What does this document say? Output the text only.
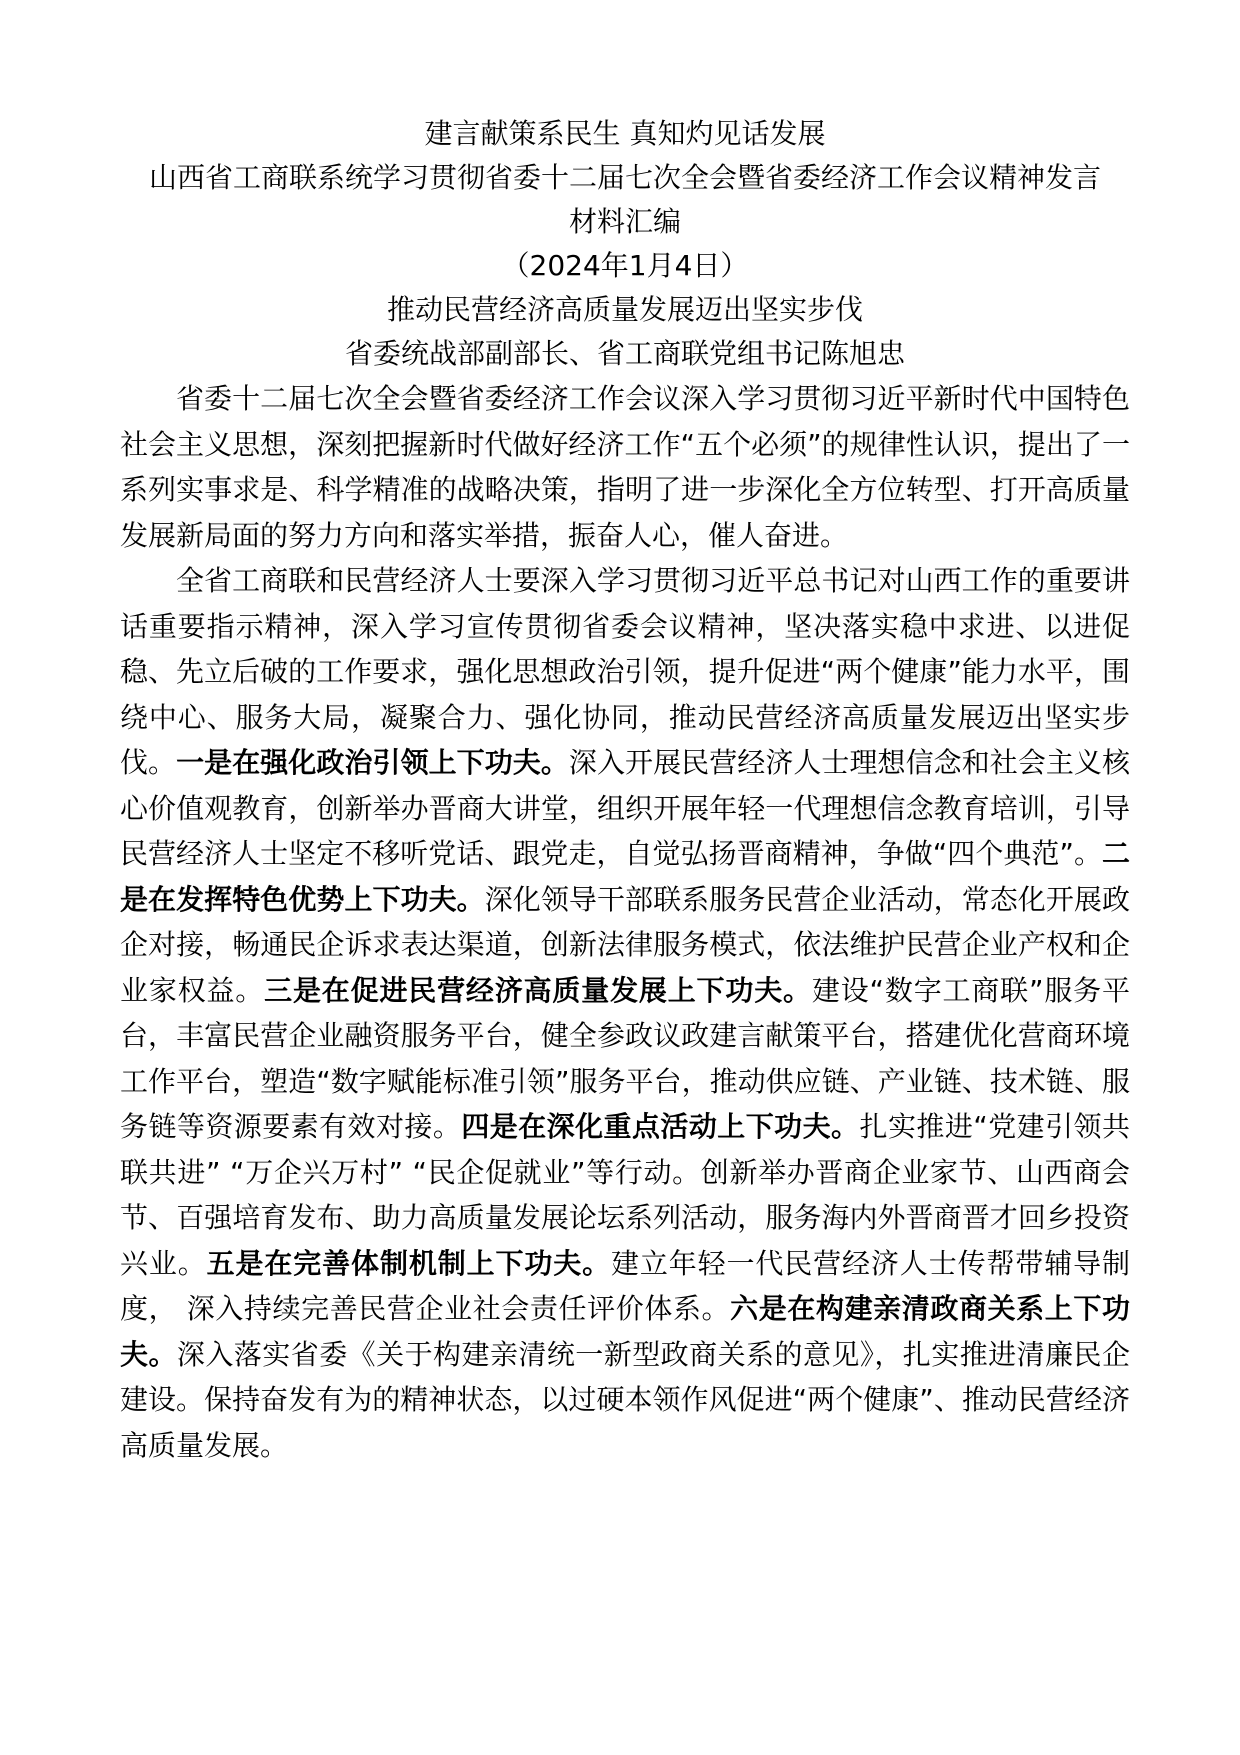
建言献策系民生 真知灼见话发展
山西省工商联系统学习贯彻省委十二届七次全会暨省委经济工作会议精神发言
材料汇编
（2024年1月4日）
推动民营经济高质量发展迈出坚实步伐
省委统战部副部长、省工商联党组书记陈旭忠

省委十二届七次全会暨省委经济工作会议深入学习贯彻习近平新时代中国特色社会主义思想，深刻把握新时代做好经济工作“五个必须”的规律性认识，提出了一系列实事求是、科学精准的战略决策，指明了进一步深化全方位转型、打开高质量发展新局面的努力方向和落实举措，振奋人心，催人奋进。

全省工商联和民营经济人士要深入学习贯彻习近平总书记对山西工作的重要讲话重要指示精神，深入学习宣传贯彻省委会议精神，坚决落实稳中求进、以进促稳、先立后破的工作要求，强化思想政治引领，提升促进“两个健康”能力水平，围绕中心、服务大局，凝聚合力、强化协同，推动民营经济高质量发展迈出坚实步伐。一是在强化政治引领上下功夫。深入开展民营经济人士理想信念和社会主义核心价值观教育，创新举办晋商大讲堂，组织开展年轻一代理想信念教育培训，引导民营经济人士坚定不移听党话、跟党走，自觉弘扬晋商精神，争做“四个典范”。二是在发挥特色优势上下功夫。深化领导干部联系服务民营企业活动，常态化开展政企对接，畅通民企诉求表达渠道，创新法律服务模式，依法维护民营企业产权和企业家权益。三是在促进民营经济高质量发展上下功夫。建设“数字工商联”服务平台，丰富民营企业融资服务平台，健全参政议政建言献策平台，搭建优化营商环境工作平台，塑造“数字赋能标准引领”服务平台，推动供应链、产业链、技术链、服务链等资源要素有效对接。四是在深化重点活动上下功夫。扎实推进“党建引领共联共进” “万企兴万村” “民企促就业”等行动。创新举办晋商企业家节、山西商会节、百强培育发布、助力高质量发展论坛系列活动，服务海内外晋商晋才回乡投资兴业。五是在完善体制机制上下功夫。建立年轻一代民营经济人士传帮带辅导制度， 深入持续完善民营企业社会责任评价体系。六是在构建亲清政商关系上下功夫。深入落实省委《关于构建亲清统一新型政商关系的意见》，扎实推进清廉民企建设。保持奋发有为的精神状态，以过硬本领作风促进“两个健康”、推动民营经济高质量发展。
